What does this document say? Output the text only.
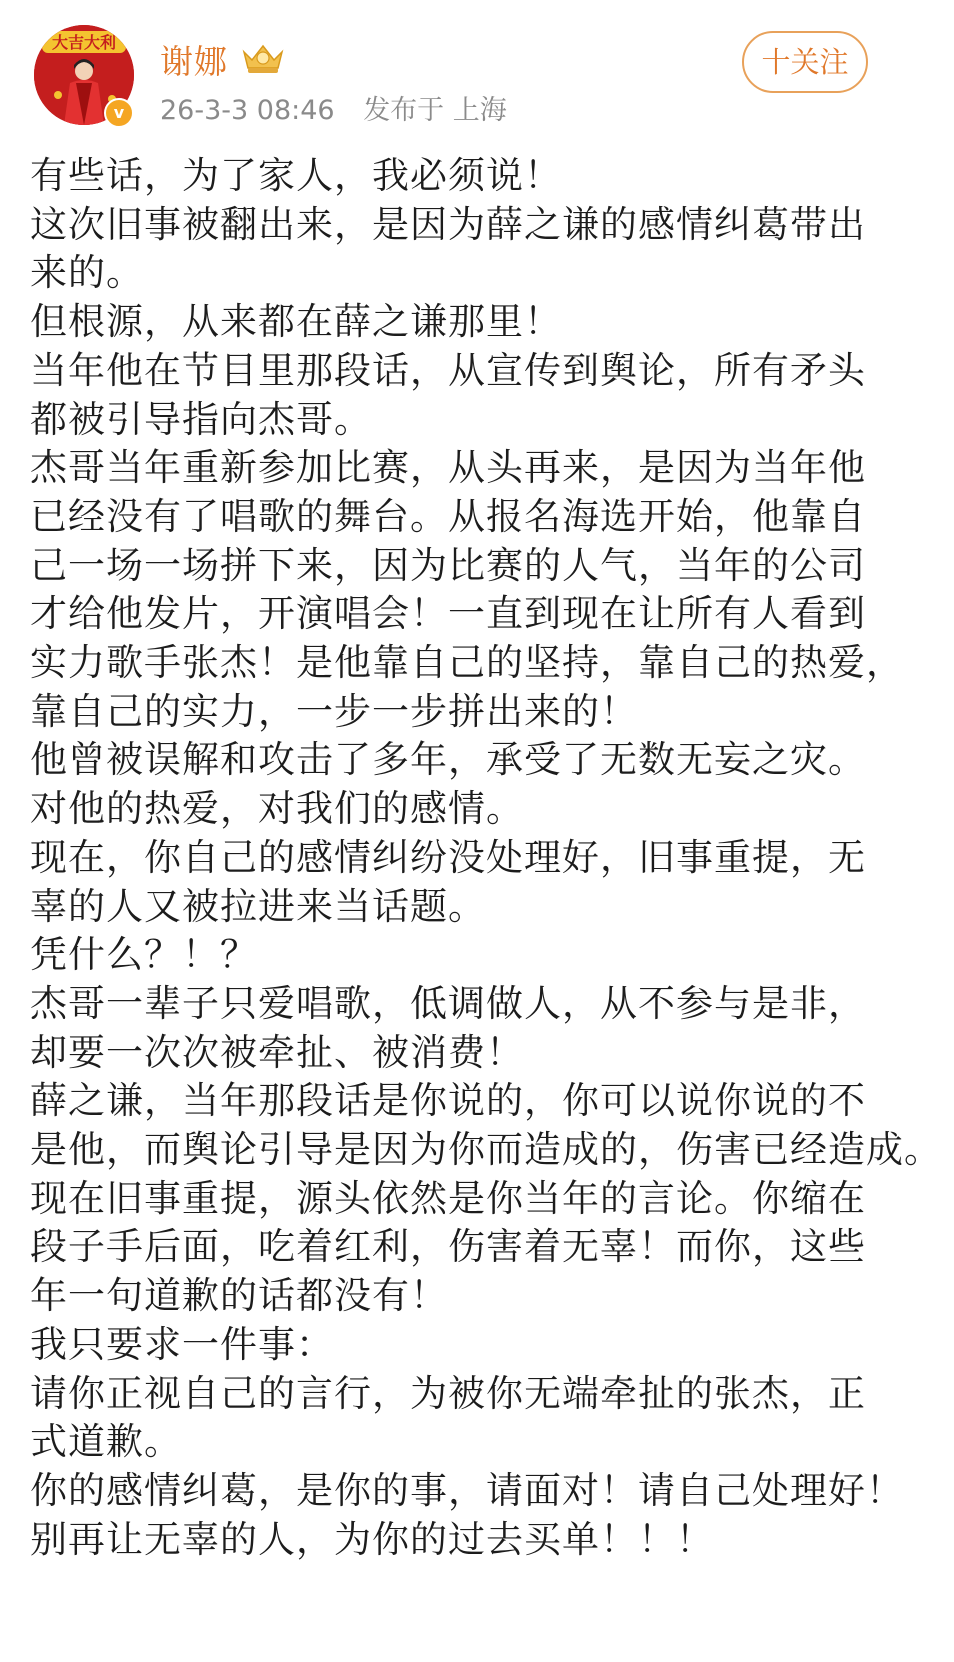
大吉大利
v
谢娜
26-3-3 08:46 发布于 上海
十关注
有些话，为了家人，我必须说！
这次旧事被翻出来，是因为薛之谦的感情纠葛带出
来的。
但根源，从来都在薛之谦那里！
当年他在节目里那段话，从宣传到舆论，所有矛头
都被引导指向杰哥。
杰哥当年重新参加比赛，从头再来，是因为当年他
已经没有了唱歌的舞台。从报名海选开始，他靠自
己一场一场拼下来，因为比赛的人气，当年的公司
才给他发片，开演唱会！一直到现在让所有人看到
实力歌手张杰！是他靠自己的坚持，靠自己的热爱，
靠自己的实力，一步一步拼出来的！
他曾被误解和攻击了多年，承受了无数无妄之灾。
对他的热爱，对我们的感情。
现在，你自己的感情纠纷没处理好，旧事重提，无
辜的人又被拉进来当话题。
凭什么？！？
杰哥一辈子只爱唱歌，低调做人，从不参与是非，
却要一次次被牵扯、被消费！
薛之谦，当年那段话是你说的，你可以说你说的不
是他，而舆论引导是因为你而造成的，伤害已经造成。
现在旧事重提，源头依然是你当年的言论。你缩在
段子手后面，吃着红利，伤害着无辜！而你，这些
年一句道歉的话都没有！
我只要求一件事：
请你正视自己的言行，为被你无端牵扯的张杰，正
式道歉。
你的感情纠葛，是你的事，请面对！请自己处理好！
别再让无辜的人，为你的过去买单！！！
